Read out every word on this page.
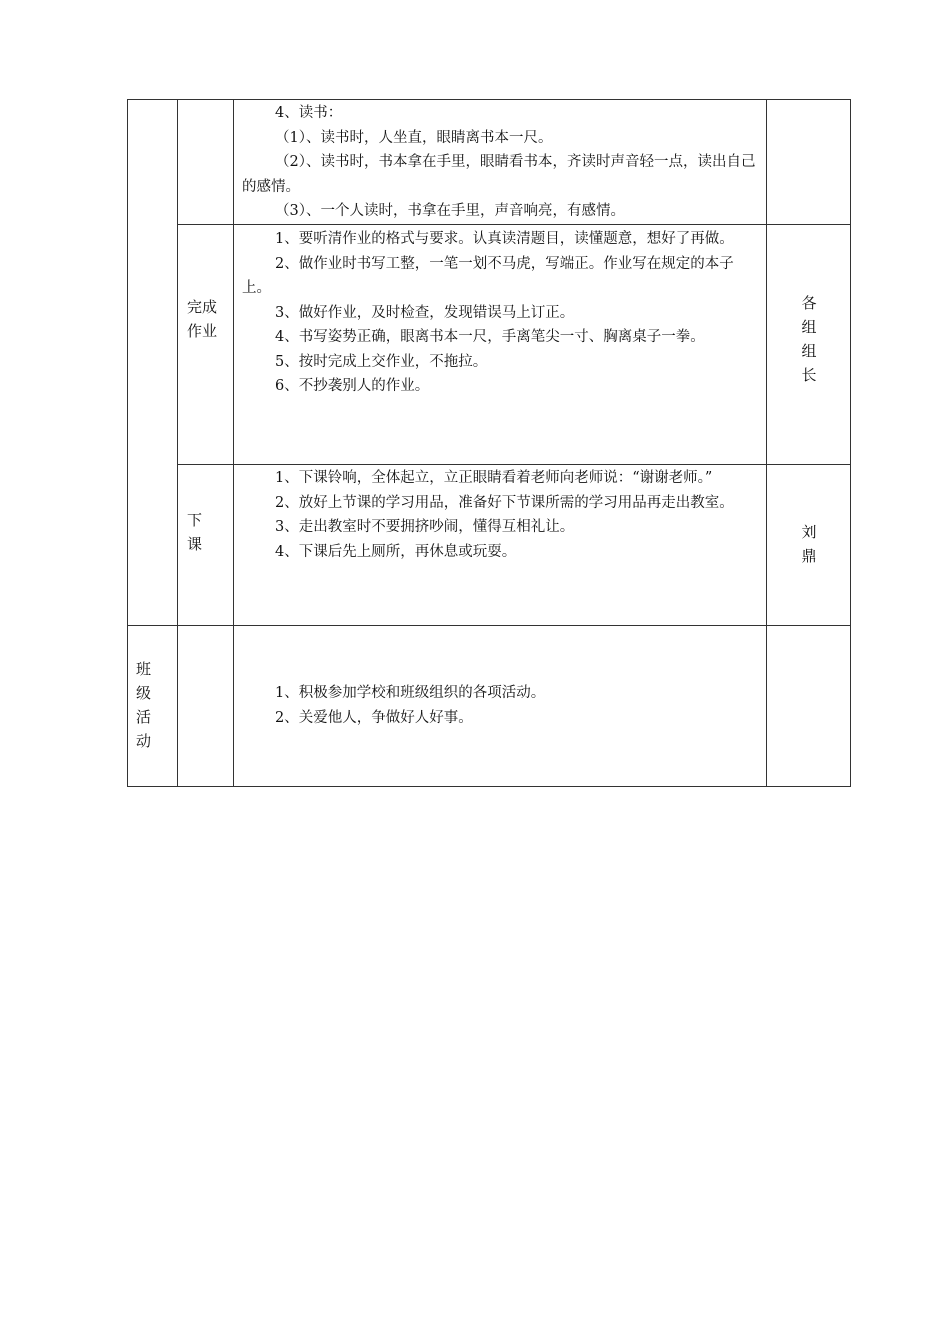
4、读书：

（1）、读书时，人坐直，眼睛离书本一尺。

（2）、读书时，书本拿在手里，眼睛看书本，齐读时声音轻一点，读出自己的感情。

（3）、一个人读时，书拿在手里，声音响亮，有感情。

完成作业

1、要听清作业的格式与要求。认真读清题目，读懂题意，想好了再做。

2、做作业时书写工整，一笔一划不马虎，写端正。作业写在规定的本子上。

3、做好作业，及时检查，发现错误马上订正。

4、书写姿势正确，眼离书本一尺，手离笔尖一寸、胸离桌子一拳。

5、按时完成上交作业，不拖拉。

6、不抄袭别人的作业。

各组组长
下课

1、下课铃响，全体起立，立正眼睛看着老师向老师说：“谢谢老师。”

2、放好上节课的学习用品，准备好下节课所需的学习用品再走出教室。

3、走出教室时不要拥挤吵闹，懂得互相礼让。

4、下课后先上厕所，再休息或玩耍。

刘鼎
班级活动

1、积极参加学校和班级组织的各项活动。

2、关爱他人，争做好人好事。
